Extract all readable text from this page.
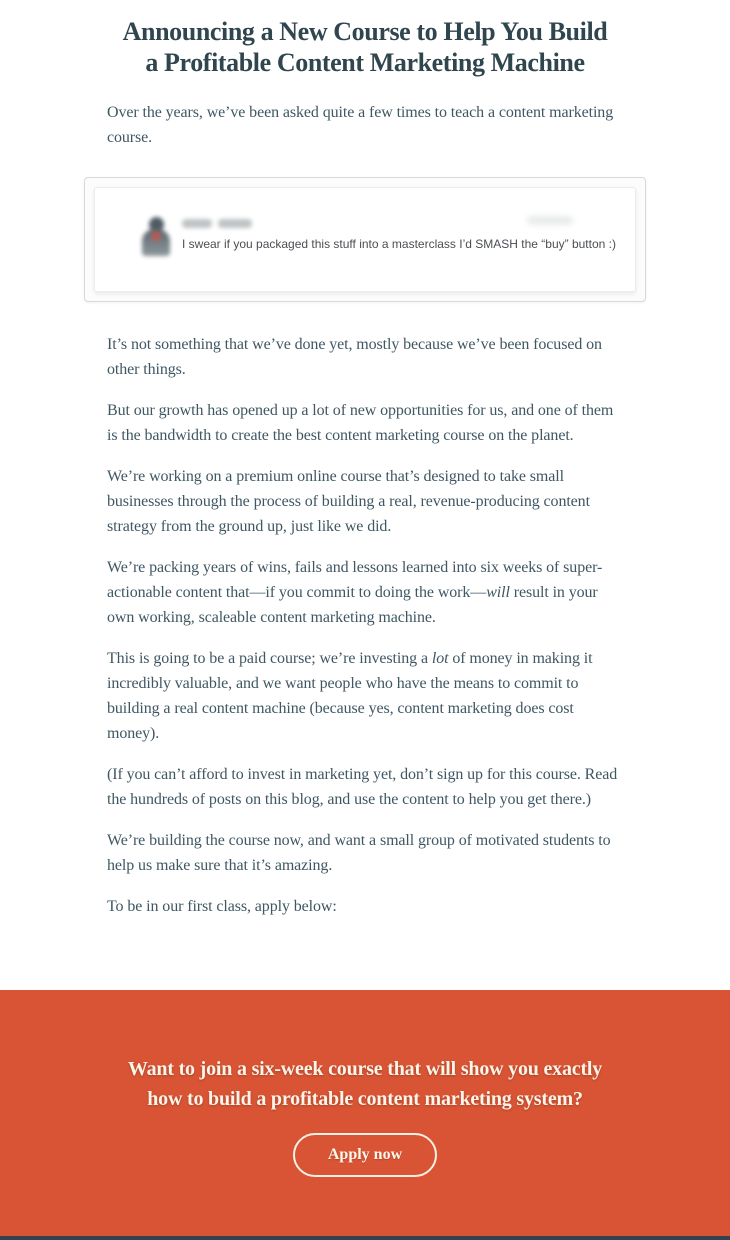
Announcing a New Course to Help You Build
a Profitable Content Marketing Machine

Over the years, we’ve been asked quite a few times to teach a content marketing course.

I swear if you packaged this stuff into a masterclass I’d SMASH the “buy” button :)

It’s not something that we’ve done yet, mostly because we’ve been focused on other things.

But our growth has opened up a lot of new opportunities for us, and one of them is the bandwidth to create the best content marketing course on the planet.

We’re working on a premium online course that’s designed to take small businesses through the process of building a real, revenue-producing content strategy from the ground up, just like we did.

We’re packing years of wins, fails and lessons learned into six weeks of super-actionable content that—if you commit to doing the work—will result in your own working, scaleable content marketing machine.

This is going to be a paid course; we’re investing a lot of money in making it incredibly valuable, and we want people who have the means to commit to building a real content machine (because yes, content marketing does cost money).

(If you can’t afford to invest in marketing yet, don’t sign up for this course. Read the hundreds of posts on this blog, and use the content to help you get there.)

We’re building the course now, and want a small group of motivated students to help us make sure that it’s amazing.

To be in our first class, apply below:

Want to join a six-week course that will show you exactly
how to build a profitable content marketing system?
Apply now
